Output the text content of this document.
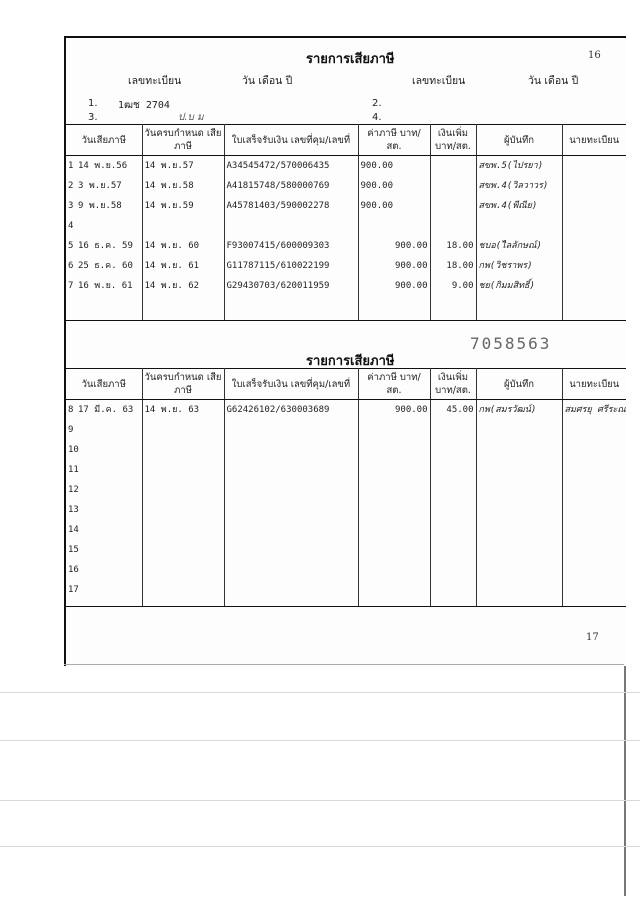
16
รายการเสียภาษี
เลขทะเบียน	วัน เดือน ปี	เลขทะเบียน	วัน เดือน ปี
1. 1ฒช 2704	2.
3.	ป.บ ม	4.
วันเสียภาษี	วันครบกำหนด เสียภาษี	ใบเสร็จรับเงิน เลขที่คุม/เลขที่	ค่าภาษี บาท/สต.	เงินเพิ่ม บาท/สต.	ผู้บันทึก	นายทะเบียน
1 14 พ.ย.56	14 พ.ย.57	A34545472/570006435	900.00		สขพ.5(ไปรยา)	
2 3 พ.ย.57	14 พ.ย.58	A41815748/580000769	900.00		สขพ.4(วิลวาวร)	
3 9 พ.ย.58	14 พ.ย.59	A45781403/590002278	900.00		สขพ.4(พีณีย)	
4						
5 16 ธ.ค. 59	14 พ.ย. 60	F93007415/600009303	900.00	18.00	ชบอ(ไิลลักษณ์)	
6 25 ธ.ค. 60	14 พ.ย. 61	G11787115/610022199	900.00	18.00	กพ(วิชราพร)	
7 16 พ.ย. 61	14 พ.ย. 62	G29430703/620011959	900.00	9.00	ชย(กิมมสิทธิ์)	

7058563
รายการเสียภาษี
วันเสียภาษี	วันครบกำหนด เสียภาษี	ใบเสร็จรับเงิน เลขที่คุม/เลขที่	ค่าภาษี บาท/สต.	เงินเพิ่ม บาท/สต.	ผู้บันทึก	นายทะเบียน
8 17 มี.ค. 63	14 พ.ย. 63	G62426102/630003689	900.00	45.00	กพ(สมรวัฒน์)	สมศรยุ ศรีระณ
9						
10						
11						
12						
13						
14						
15						
16						
17						
17
